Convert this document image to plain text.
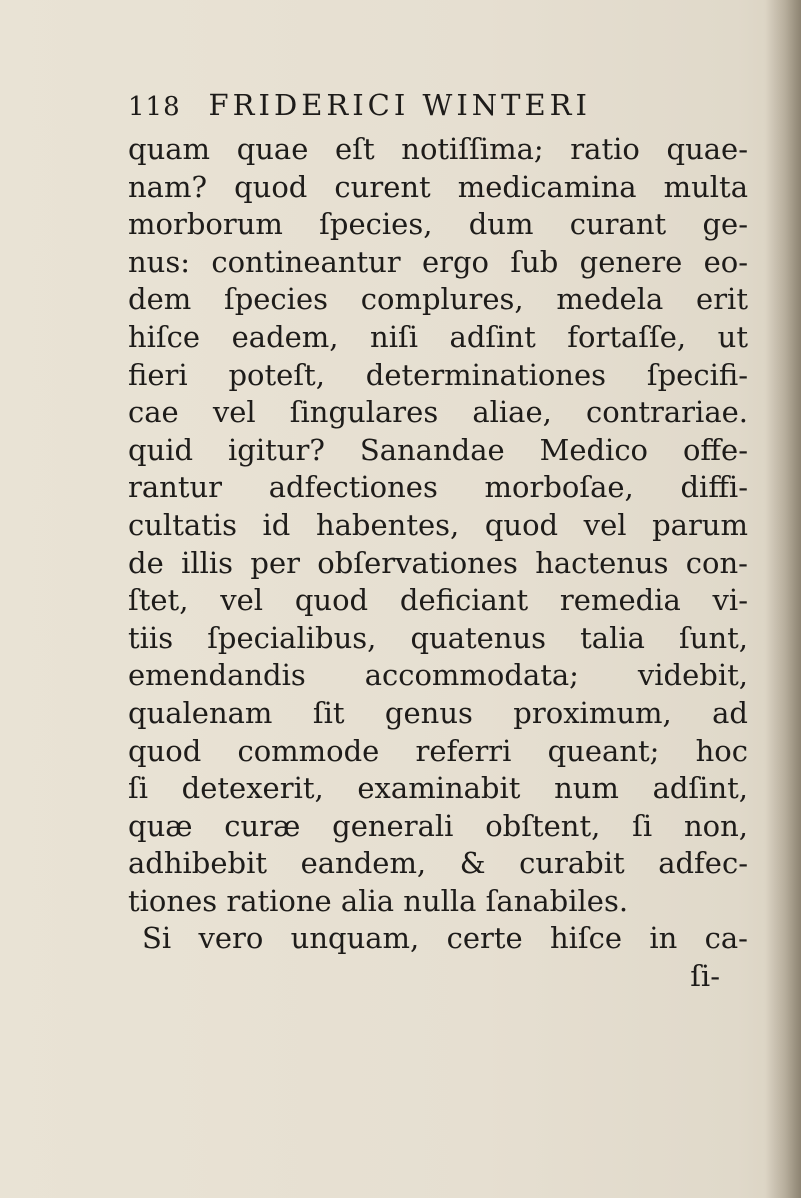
118 FRIDERICI WINTERI
quam quae eſt notiſſima; ratio quae-
nam? quod curent medicamina multa
morborum ſpecies, dum curant ge-
nus: contineantur ergo ſub genere eo-
dem ſpecies complures, medela erit
hiſce eadem, niſi adſint fortaſſe, ut
fieri poteſt, determinationes ſpecifi-
cae vel ſingulares aliae, contrariae.
quid igitur? Sanandae Medico offe-
rantur adfectiones morboſae, diffi-
cultatis id habentes, quod vel parum
de illis per obſervationes hactenus con-
ſtet, vel quod deficiant remedia vi-
tiis ſpecialibus, quatenus talia ſunt,
emendandis accommodata; videbit,
qualenam ſit genus proximum, ad
quod commode referri queant; hoc
ſi detexerit, examinabit num adſint,
quæ curæ generali obſtent, ſi non,
adhibebit eandem, & curabit adfec-
tiones ratione alia nulla ſanabiles.
Si vero unquam, certe hiſce in ca-
ſi-
